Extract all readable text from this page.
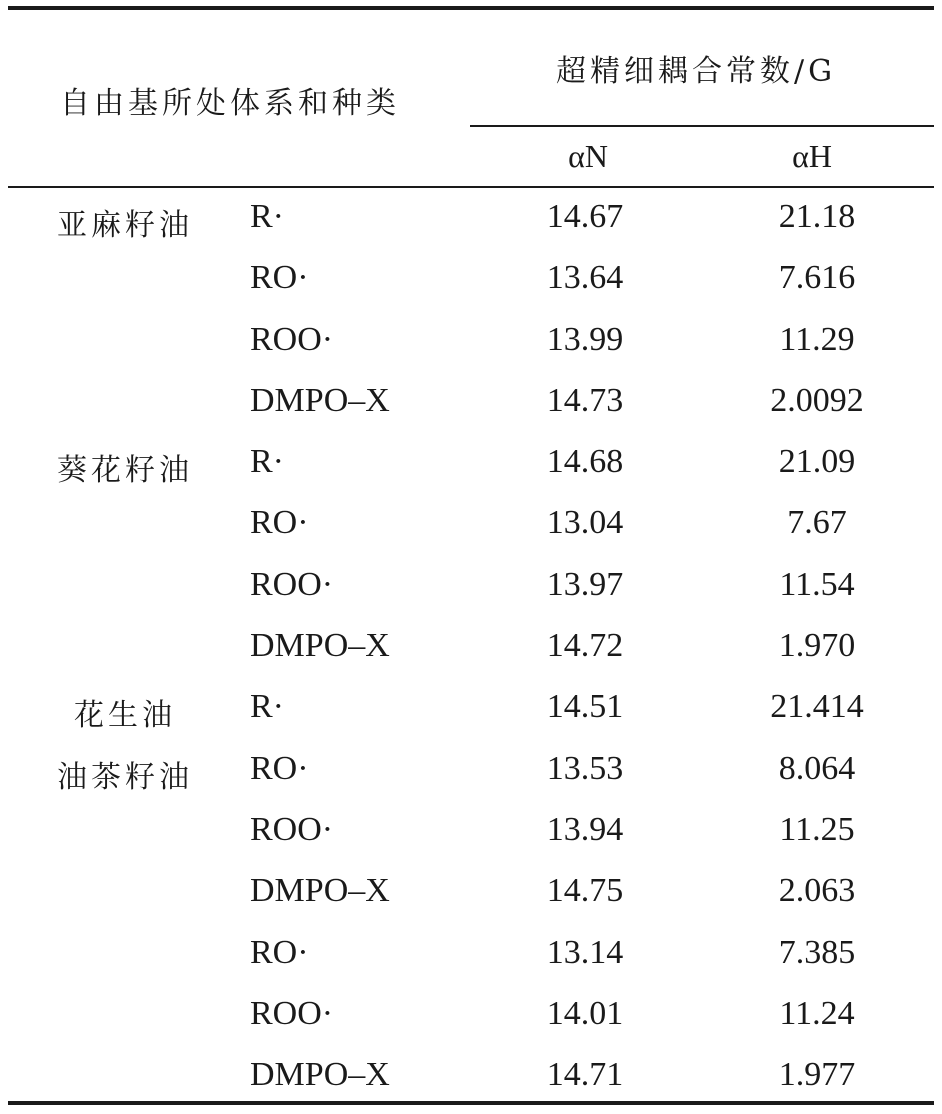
自由基所处体系和种类
超精细耦合常数/G
αN	αH
亚麻籽油 R·	14.67	21.18
RO·	13.64	7.616
ROO·	13.99	11.29
DMPO–X	14.73	2.0092
葵花籽油 R·	14.68	21.09
RO·	13.04	7.67
ROO·	13.97	11.54
DMPO–X	14.72	1.970
花生油	R·	14.51	21.414
油茶籽油 RO·	13.53	8.064
ROO·	13.94	11.25
DMPO–X	14.75	2.063
RO·	13.14	7.385
ROO·	14.01	11.24
DMPO–X	14.71	1.977
